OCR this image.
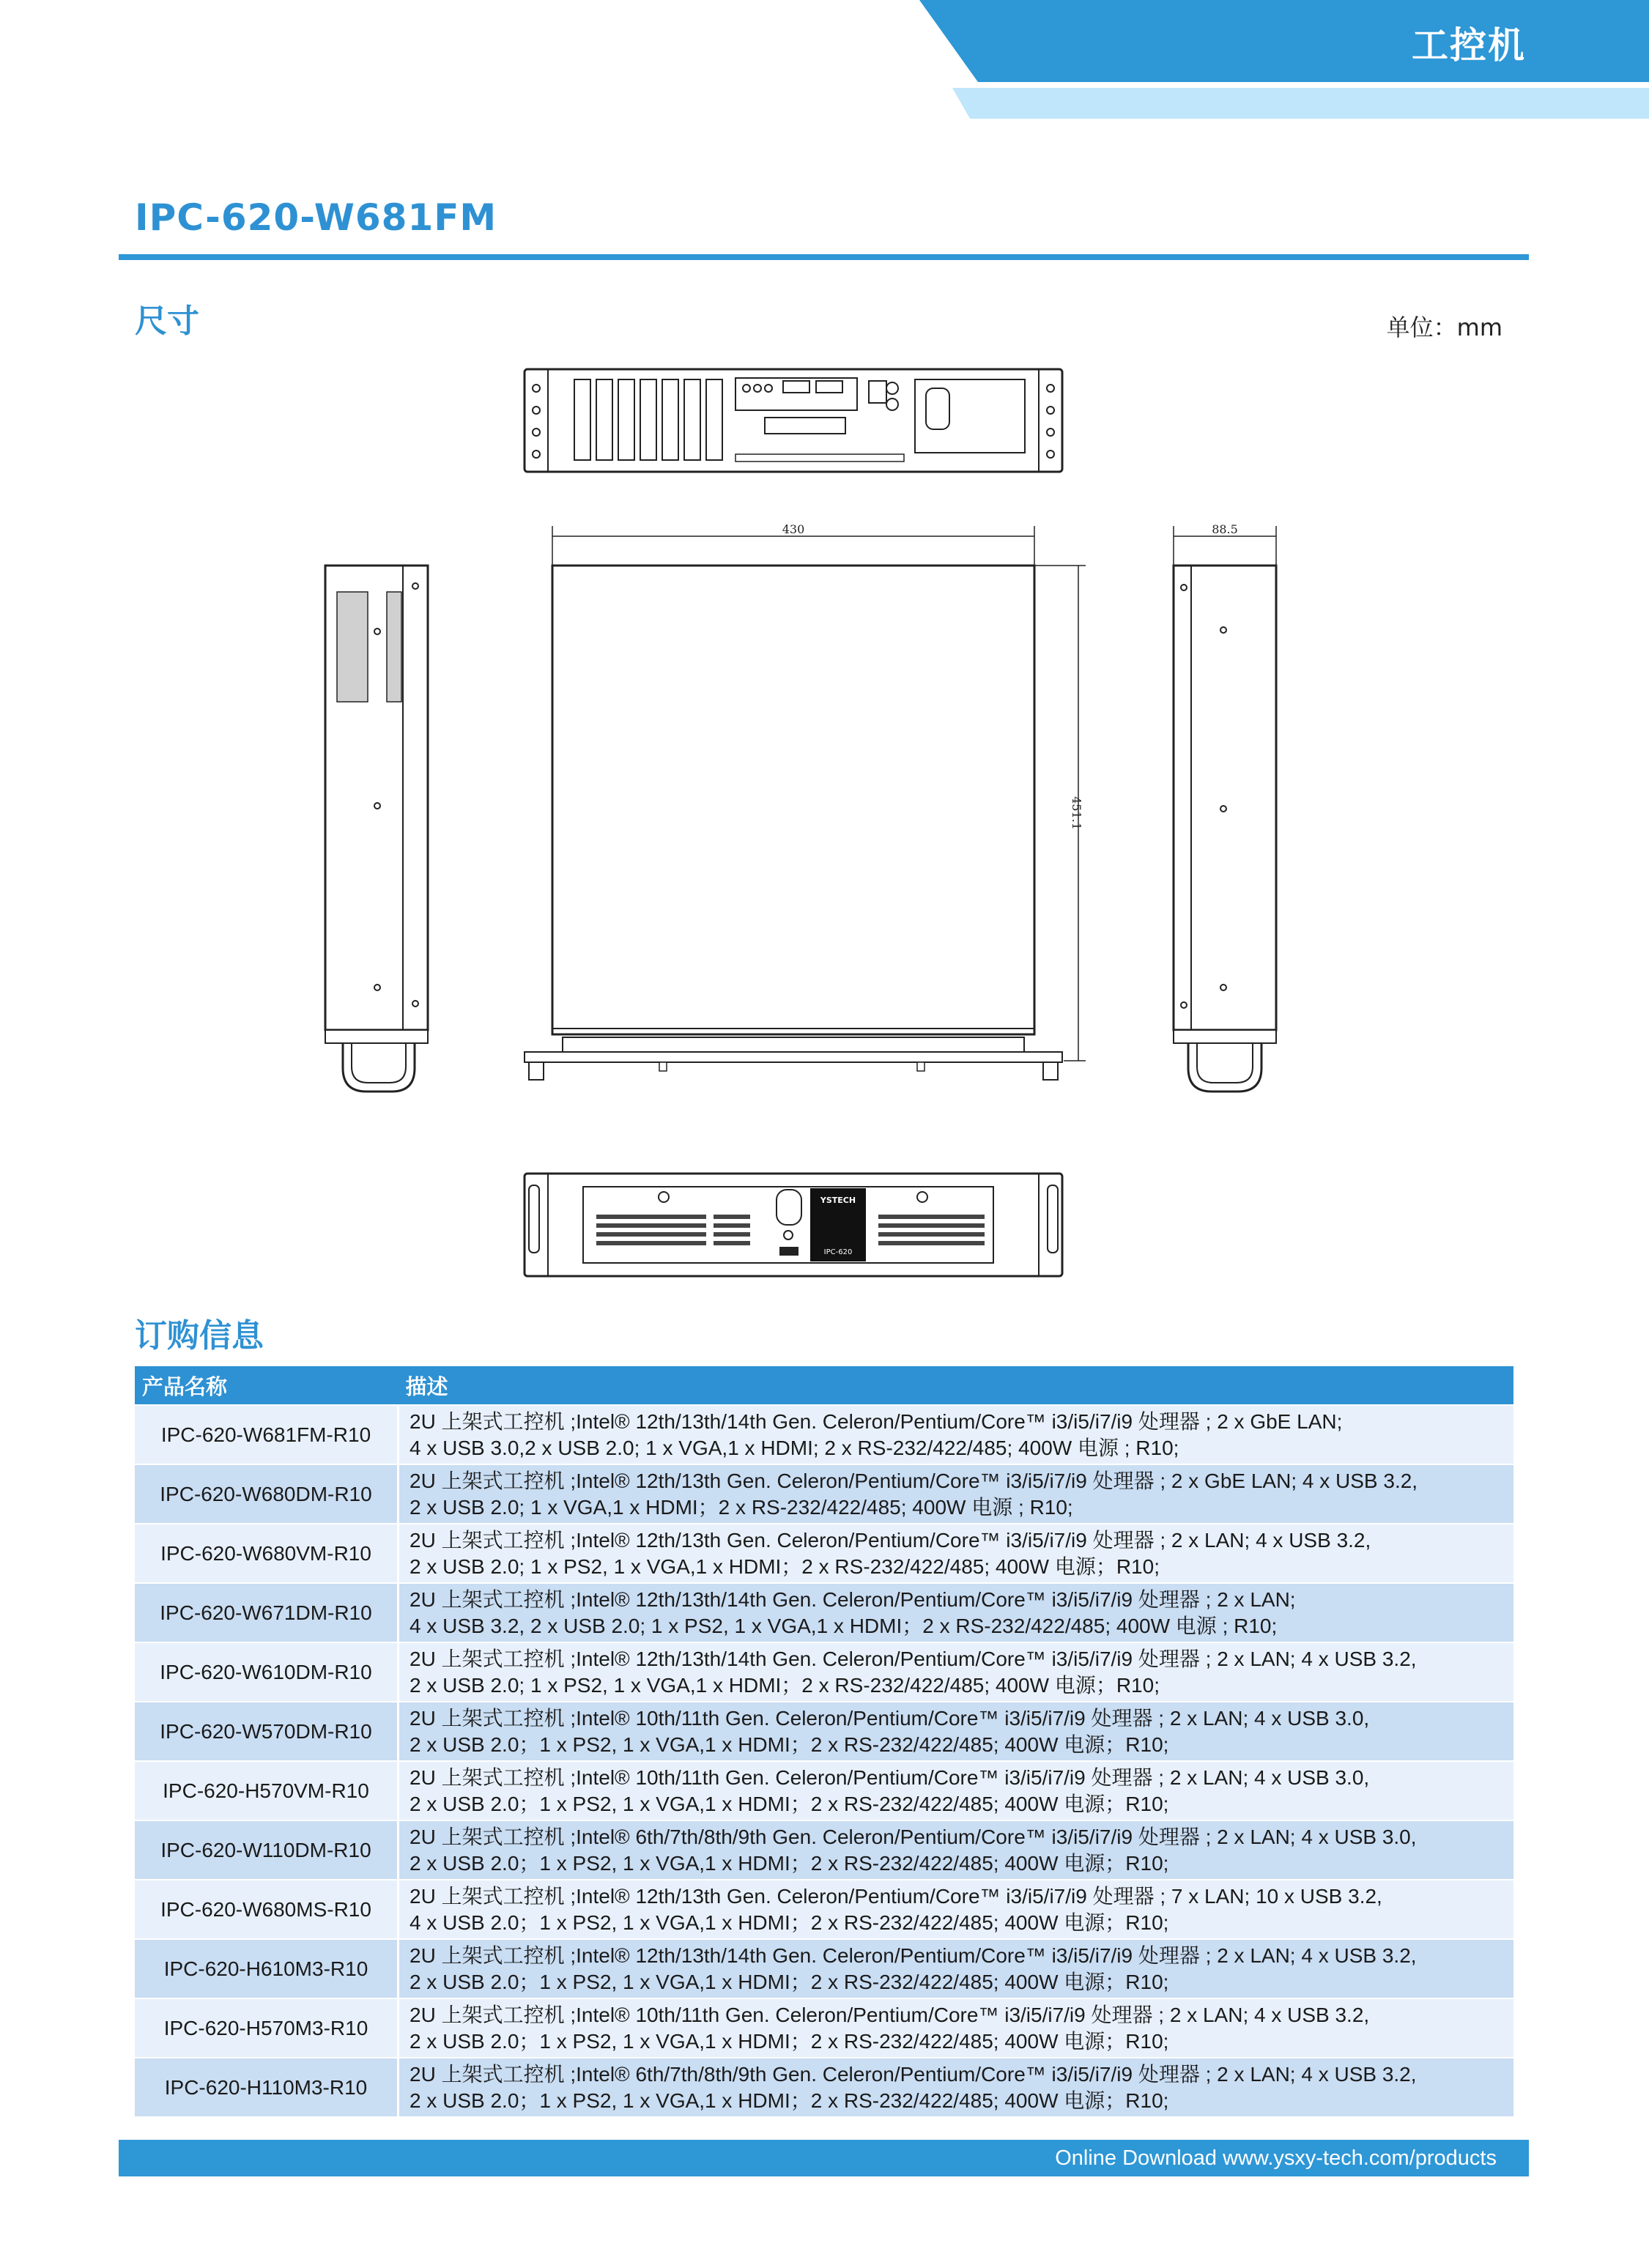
工控机
IPC-620-W681FM
尺寸	单位：mm
430
451.1
88.5
YSTECH
IPC-620
订购信息
产品名称	描述
IPC-620-W681FM-R10	2U 上架式工控机 ;Intel® 12th/13th/14th Gen. Celeron/Pentium/Core™ i3/i5/i7/i9 处理器 ; 2 x GbE LAN;
4 x USB 3.0,2 x USB 2.0; 1 x VGA,1 x HDMI; 2 x RS-232/422/485; 400W 电源 ; R10;

IPC-620-W680DM-R10	2U 上架式工控机 ;Intel® 12th/13th Gen. Celeron/Pentium/Core™ i3/i5/i7/i9 处理器 ; 2 x GbE LAN; 4 x USB 3.2,
2 x USB 2.0; 1 x VGA,1 x HDMI；2 x RS-232/422/485; 400W 电源 ; R10;

IPC-620-W680VM-R10	2U 上架式工控机 ;Intel® 12th/13th Gen. Celeron/Pentium/Core™ i3/i5/i7/i9 处理器 ; 2 x LAN; 4 x USB 3.2,
2 x USB 2.0; 1 x PS2, 1 x VGA,1 x HDMI；2 x RS-232/422/485; 400W 电源；R10;

IPC-620-W671DM-R10	2U 上架式工控机 ;Intel® 12th/13th/14th Gen. Celeron/Pentium/Core™ i3/i5/i7/i9 处理器 ; 2 x LAN;
4 x USB 3.2, 2 x USB 2.0; 1 x PS2, 1 x VGA,1 x HDMI；2 x RS-232/422/485; 400W 电源 ; R10;

IPC-620-W610DM-R10	2U 上架式工控机 ;Intel® 12th/13th/14th Gen. Celeron/Pentium/Core™ i3/i5/i7/i9 处理器 ; 2 x LAN; 4 x USB 3.2,
2 x USB 2.0; 1 x PS2, 1 x VGA,1 x HDMI；2 x RS-232/422/485; 400W 电源；R10;

IPC-620-W570DM-R10	2U 上架式工控机 ;Intel® 10th/11th Gen. Celeron/Pentium/Core™ i3/i5/i7/i9 处理器 ; 2 x LAN; 4 x USB 3.0,
2 x USB 2.0；1 x PS2, 1 x VGA,1 x HDMI；2 x RS-232/422/485; 400W 电源；R10;

IPC-620-H570VM-R10	2U 上架式工控机 ;Intel® 10th/11th Gen. Celeron/Pentium/Core™ i3/i5/i7/i9 处理器 ; 2 x LAN; 4 x USB 3.0,
2 x USB 2.0；1 x PS2, 1 x VGA,1 x HDMI；2 x RS-232/422/485; 400W 电源；R10;

IPC-620-W110DM-R10	2U 上架式工控机 ;Intel® 6th/7th/8th/9th Gen. Celeron/Pentium/Core™ i3/i5/i7/i9 处理器 ; 2 x LAN; 4 x USB 3.0,
2 x USB 2.0；1 x PS2, 1 x VGA,1 x HDMI；2 x RS-232/422/485; 400W 电源；R10;

IPC-620-W680MS-R10	2U 上架式工控机 ;Intel® 12th/13th Gen. Celeron/Pentium/Core™ i3/i5/i7/i9 处理器 ; 7 x LAN; 10 x USB 3.2,
4 x USB 2.0；1 x PS2, 1 x VGA,1 x HDMI；2 x RS-232/422/485; 400W 电源；R10;

IPC-620-H610M3-R10	2U 上架式工控机 ;Intel® 12th/13th/14th Gen. Celeron/Pentium/Core™ i3/i5/i7/i9 处理器 ; 2 x LAN; 4 x USB 3.2,
2 x USB 2.0；1 x PS2, 1 x VGA,1 x HDMI；2 x RS-232/422/485; 400W 电源；R10;

IPC-620-H570M3-R10	2U 上架式工控机 ;Intel® 10th/11th Gen. Celeron/Pentium/Core™ i3/i5/i7/i9 处理器 ; 2 x LAN; 4 x USB 3.2,
2 x USB 2.0；1 x PS2, 1 x VGA,1 x HDMI；2 x RS-232/422/485; 400W 电源；R10;

IPC-620-H110M3-R10	2U 上架式工控机 ;Intel® 6th/7th/8th/9th Gen. Celeron/Pentium/Core™ i3/i5/i7/i9 处理器 ; 2 x LAN; 4 x USB 3.2,
2 x USB 2.0；1 x PS2, 1 x VGA,1 x HDMI；2 x RS-232/422/485; 400W 电源；R10;
Online Download www.ysxy-tech.com/products
